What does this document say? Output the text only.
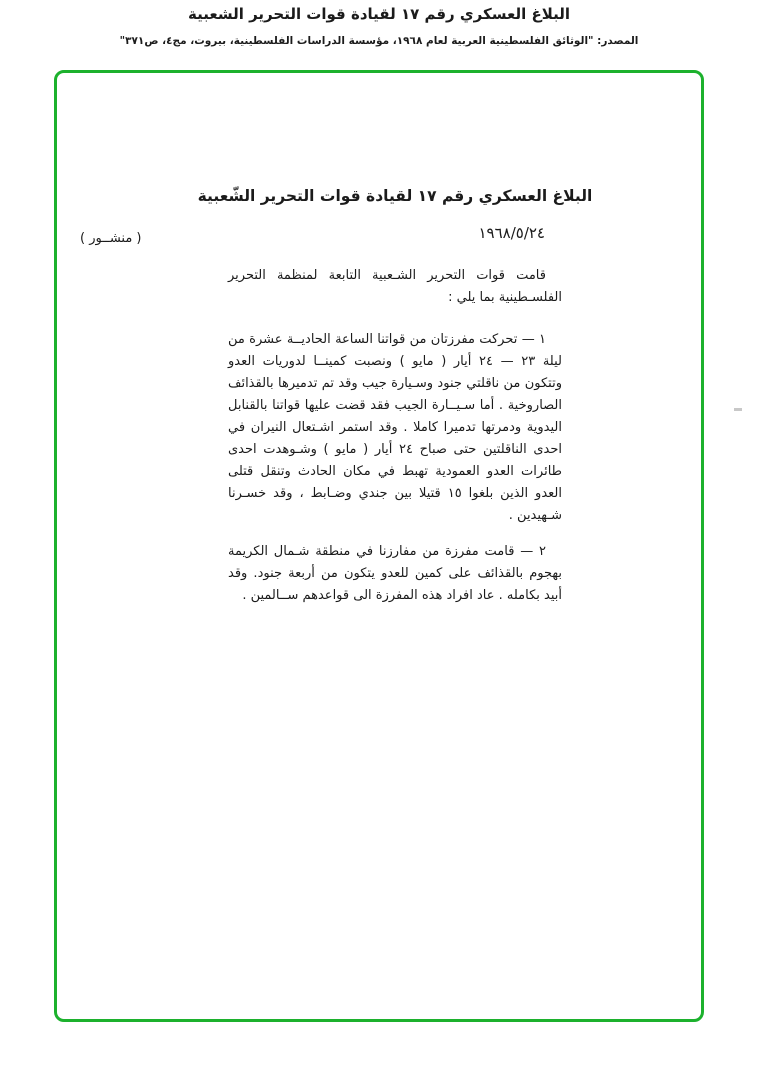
البلاغ العسكري رقم ١٧ لقيادة قوات التحرير الشعبية
المصدر: "الوثائق الفلسطينية العربية لعام ١٩٦٨، مؤسسة الدراسات الفلسطينية، بيروت، مج٤، ص٣٧١"
البلاغ العسكري رقم ١٧ لقيادة قوات التحرير الشّعبية
١٩٦٨/٥/٢٤
( منشــور )

قامت قوات التحرير الشـعبية التابعة لمنظمة التحرير الفلسـطينية بما يلي :

١ — تحركت مفرزتان من قواتنا الساعة الحاديــة عشرة من ليلة ٢٣ — ٢٤ أيار ( مايو ) ونصبت كمينــا لدوريات العدو وتتكون من ناقلتي جنود وسـيارة جيب وقد تم تدميرها بالقذائف الصاروخية . أما سـيــارة الجيب فقد قضت عليها قواتنا بالقنابل اليدوية ودمرتها تدميرا كاملا . وقد استمر اشـتعال النيران في احدى الناقلتين حتى صباح ٢٤ أيار ( مايو ) وشـوهدت احدى طائرات العدو العمودية تهبط في مكان الحادث وتنقل قتلى العدو الذين بلغوا ١٥ قتيلا بين جندي وضـابط ، وقد خسـرنا شـهيدين .

٢ — قامت مفرزة من مفارزنا في منطقة شـمال الكريمة بهجوم بالقذائف على كمين للعدو يتكون من أربعة جنود. وقد أبيد بكامله . عاد افراد هذه المفرزة الى قواعدهم ســالمين .
